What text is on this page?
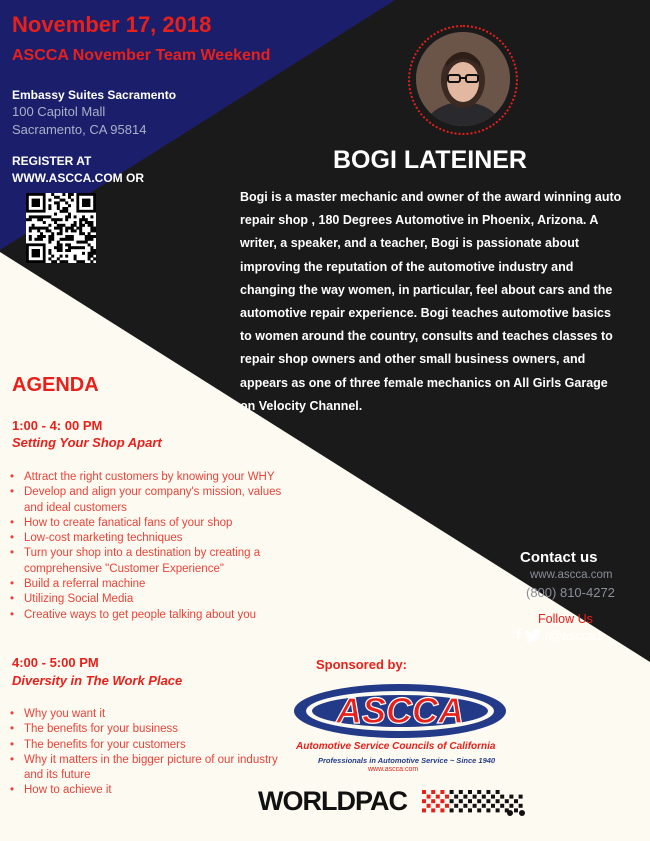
November 17, 2018
ASCCA November Team Weekend
Embassy Suites Sacramento
100 Capitol Mall
Sacramento, CA 95814
REGISTER AT
WWW.ASCCA.COM OR
BOGI LATEINER
Bogi is a master mechanic and owner of the award winning auto repair shop , 180 Degrees Automotive in Phoenix, Arizona. A writer, a speaker, and a teacher, Bogi is passionate about improving the reputation of the automotive industry and changing the way women, in particular, feel about cars and the automotive repair experience. Bogi teaches automotive basics to women around the country, consults and teaches classes to repair shop owners and other small business owners, and appears as one of three female mechanics on All Girls Garage on Velocity Channel.
AGENDA
1:00 - 4: 00 PM
Setting Your Shop Apart
• Attract the right customers by knowing your WHY
• Develop and align your company's mission, values and ideal customers
• How to create fanatical fans of your shop
• Low-cost marketing techniques
• Turn your shop into a destination by creating a comprehensive "Customer Experience"
• Build a referral machine
• Utilizing Social Media
• Creative ways to get people talking about you
4:00 - 5:00 PM
Diversity in The Work Place
• Why you want it
• The benefits for your business
• The benefits for your customers
• Why it matters in the bigger picture of our industry and its future
• How to achieve it
Contact us
www.ascca.com
(800) 810-4272
Follow Us
f /@ascca1
Sponsored by:
ASCCA
Automotive Service Councils of California
Professionals in Automotive Service ~ Since 1940
www.ascca.com
WORLDPAC
